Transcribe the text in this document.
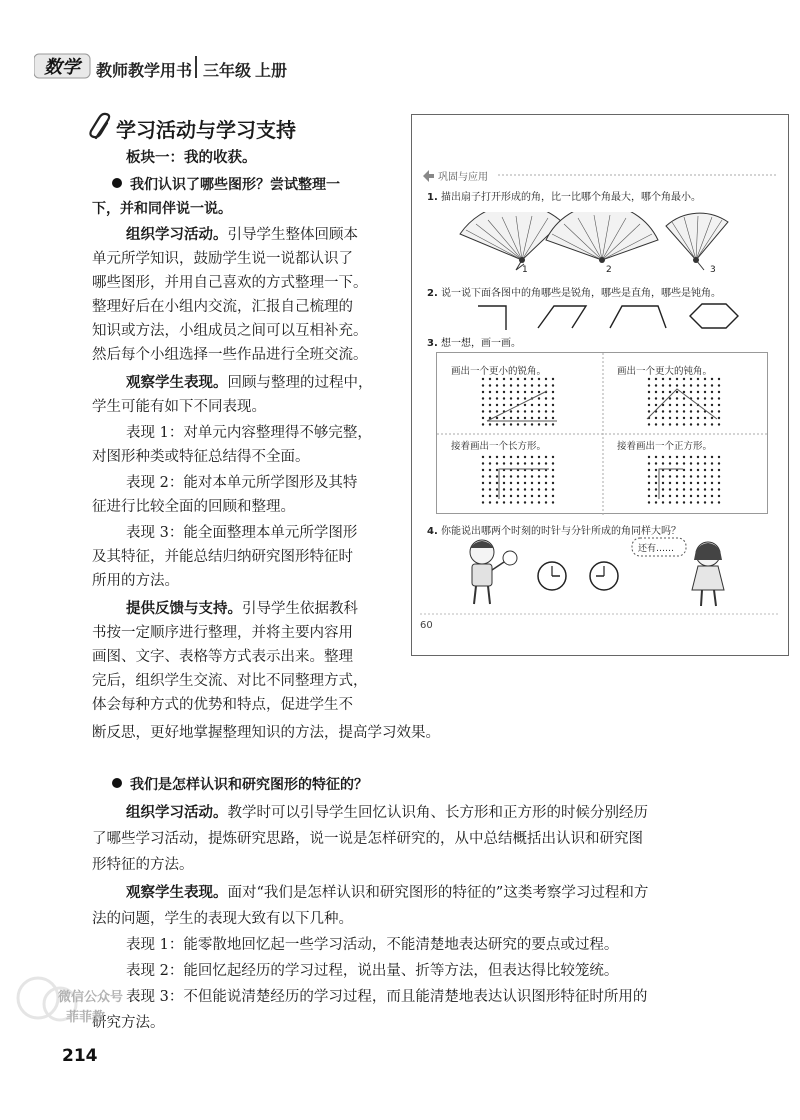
数学 教师教学用书 三年级 上册
学习活动与学习支持
板块一：我的收获。
我们认识了哪些图形？尝试整理一
下，并和同伴说一说。
组织学习活动。引导学生整体回顾本
单元所学知识，鼓励学生说一说都认识了
哪些图形，并用自己喜欢的方式整理一下。
整理好后在小组内交流，汇报自己梳理的
知识或方法，小组成员之间可以互相补充。
然后每个小组选择一些作品进行全班交流。
观察学生表现。回顾与整理的过程中，
学生可能有如下不同表现。
表现 1：对单元内容整理得不够完整，
对图形种类或特征总结得不全面。
表现 2：能对本单元所学图形及其特
征进行比较全面的回顾和整理。
表现 3：能全面整理本单元所学图形
及其特征，并能总结归纳研究图形特征时
所用的方法。
提供反馈与支持。引导学生依据教科
书按一定顺序进行整理，并将主要内容用
画图、文字、表格等方式表示出来。整理
完后，组织学生交流、对比不同整理方式，
体会每种方式的优势和特点，促进学生不
断反思，更好地掌握整理知识的方法，提高学习效果。
巩固与应用
1. 描出扇子打开形成的角，比一比哪个角最大，哪个角最小。
1	2	3
2. 说一说下面各图中的角哪些是锐角，哪些是直角，哪些是钝角。
3. 想一想，画一画。
画出一个更小的锐角。	画出一个更大的钝角。
接着画出一个长方形。	接着画出一个正方形。
4. 你能说出哪两个时刻的时针与分针所成的角同样大吗？
还有……
60
我们是怎样认识和研究图形的特征的？
组织学习活动。教学时可以引导学生回忆认识角、长方形和正方形的时候分别经历
了哪些学习活动，提炼研究思路，说一说是怎样研究的，从中总结概括出认识和研究图
形特征的方法。
观察学生表现。面对“我们是怎样认识和研究图形的特征的”这类考察学习过程和方
法的问题，学生的表现大致有以下几种。
表现 1：能零散地回忆起一些学习活动，不能清楚地表达研究的要点或过程。
表现 2：能回忆起经历的学习过程，说出量、折等方法，但表达得比较笼统。
表现 3：不但能说清楚经历的学习过程，而且能清楚地表达认识图形特征时所用的
研究方法。
微信公众号
菲菲教
214
